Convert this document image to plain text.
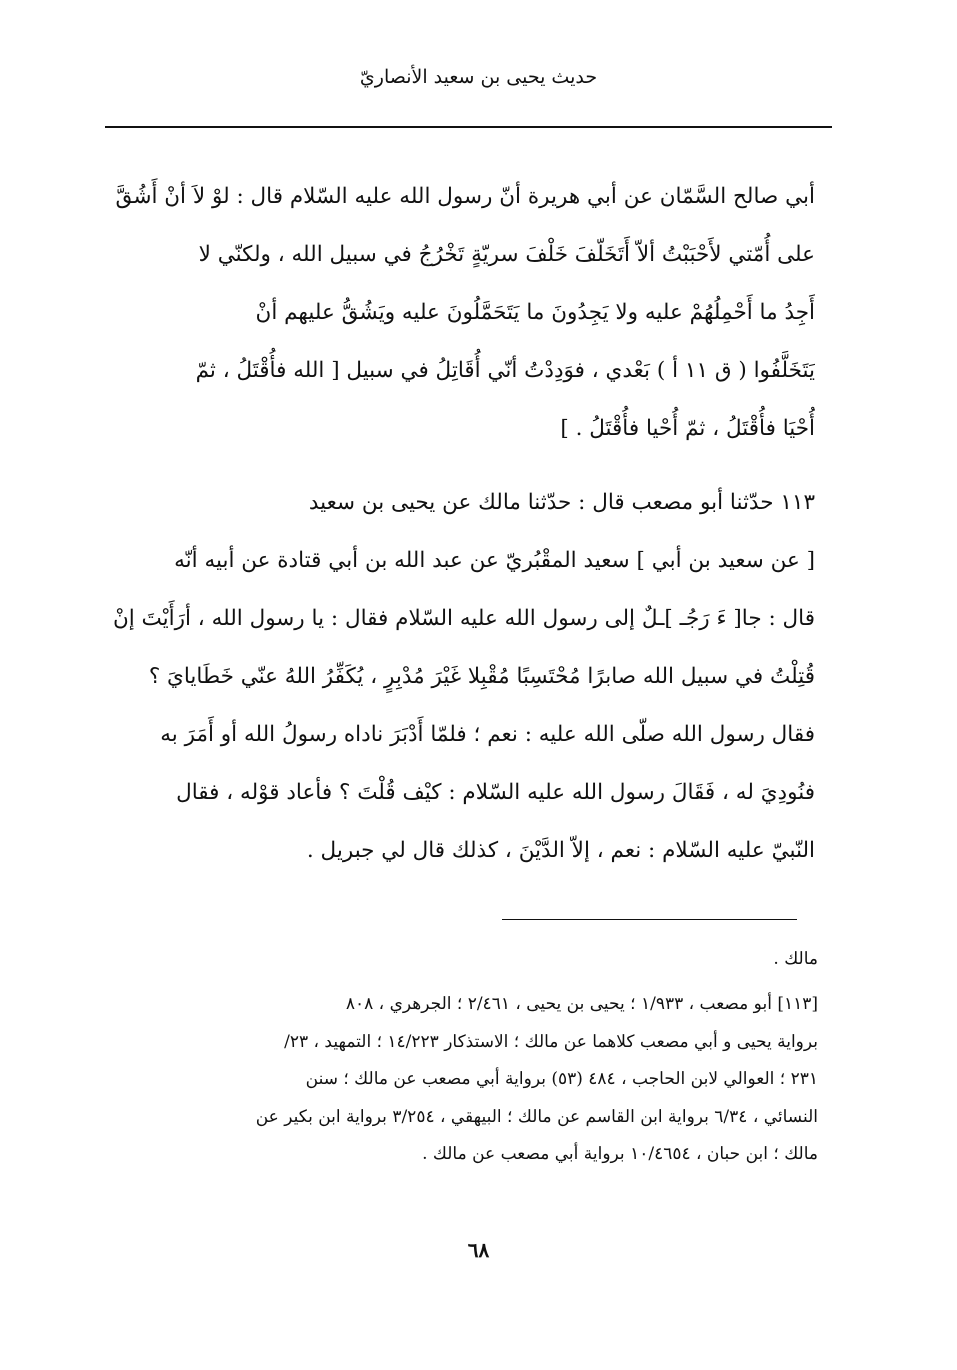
حديث يحيى بن سعيد الأنصاريّ
أبي صالح السَّمّان عن أبي هريرة أنّ رسول الله عليه السّلام قال : لوْ لاَ أنْ أَشُقَّ
على أُمّتي لأَحْبَبْتُ ألاّ أَتَخَلّفَ خَلْفَ سريّةٍ تَخْرُجُ في سبيل الله ، ولكنّي لا
أَجِدُ ما أَحْمِلُهُمْ عليه ولا يَجِدُونَ ما يَتَحَمَّلُونَ عليه ويَشُقُّ عليهم أنْ
يَتَخَلَّفُوا ( ق ١١ أ ) بَعْدي ، فوَدِدْتُ أنّي أُقَاتِلُ في سبيل [ الله فأُقْتَلُ ، ثمّ
أُحْيَا فأُقْتَلُ ، ثمّ أُحْيا فأُقْتَلُ . ]
١١٣ حدّثنا أبو مصعب قال : حدّثنا مالك عن يحيى بن سعيد
[ عن سعيد بن أبي ] سعيد المقْبُريّ عن عبد الله بن أبي قتادة عن أبيه أنّه
قال : جا[ ءَ رَجُـ ]ـلٌ إلى رسول الله عليه السّلام فقال : يا رسول الله ، أرَأَيْتَ إنْ
قُتِلْتُ في سبيل الله صابرًا مُحْتَسِبًا مُقْبِلا غَيْرَ مُدْبِرٍ ، يُكَفِّرُ اللهُ عنّي خَطَايايَ ؟
فقال رسول الله صلّى الله عليه : نعم ؛ فلمّا أَدْبَرَ ناداه رسولُ الله أو أَمَرَ به
فنُودِيَ له ، فَقَالَ رسول الله عليه السّلام : كيْف قُلْتَ ؟ فأعاد قوْله ، فقال
النّبيّ عليه السّلام : نعم ، إلاّ الدَّيْنَ ، كذلك قال لي جبريل .
مالك .
[١١٣] أبو مصعب ، ١/٩٣٣ ؛ يحيى بن يحيى ، ٢/٤٦١ ؛ الجرهري ، ٨٠٨
برواية يحيى و أبي مصعب كلاهما عن مالك ؛ الاستذكار ١٤/٢٢٣ ؛ التمهيد ، ٢٣/
٢٣١ ؛ العوالي لابن الحاجب ، ٤٨٤ (٥٣) برواية أبي مصعب عن مالك ؛ سنن
النسائي ، ٦/٣٤ برواية ابن القاسم عن مالك ؛ البيهقي ، ٣/٢٥٤ برواية ابن بكير عن
مالك ؛ ابن حبان ، ١٠/٤٦٥٤ برواية أبي مصعب عن مالك .
٦٨
